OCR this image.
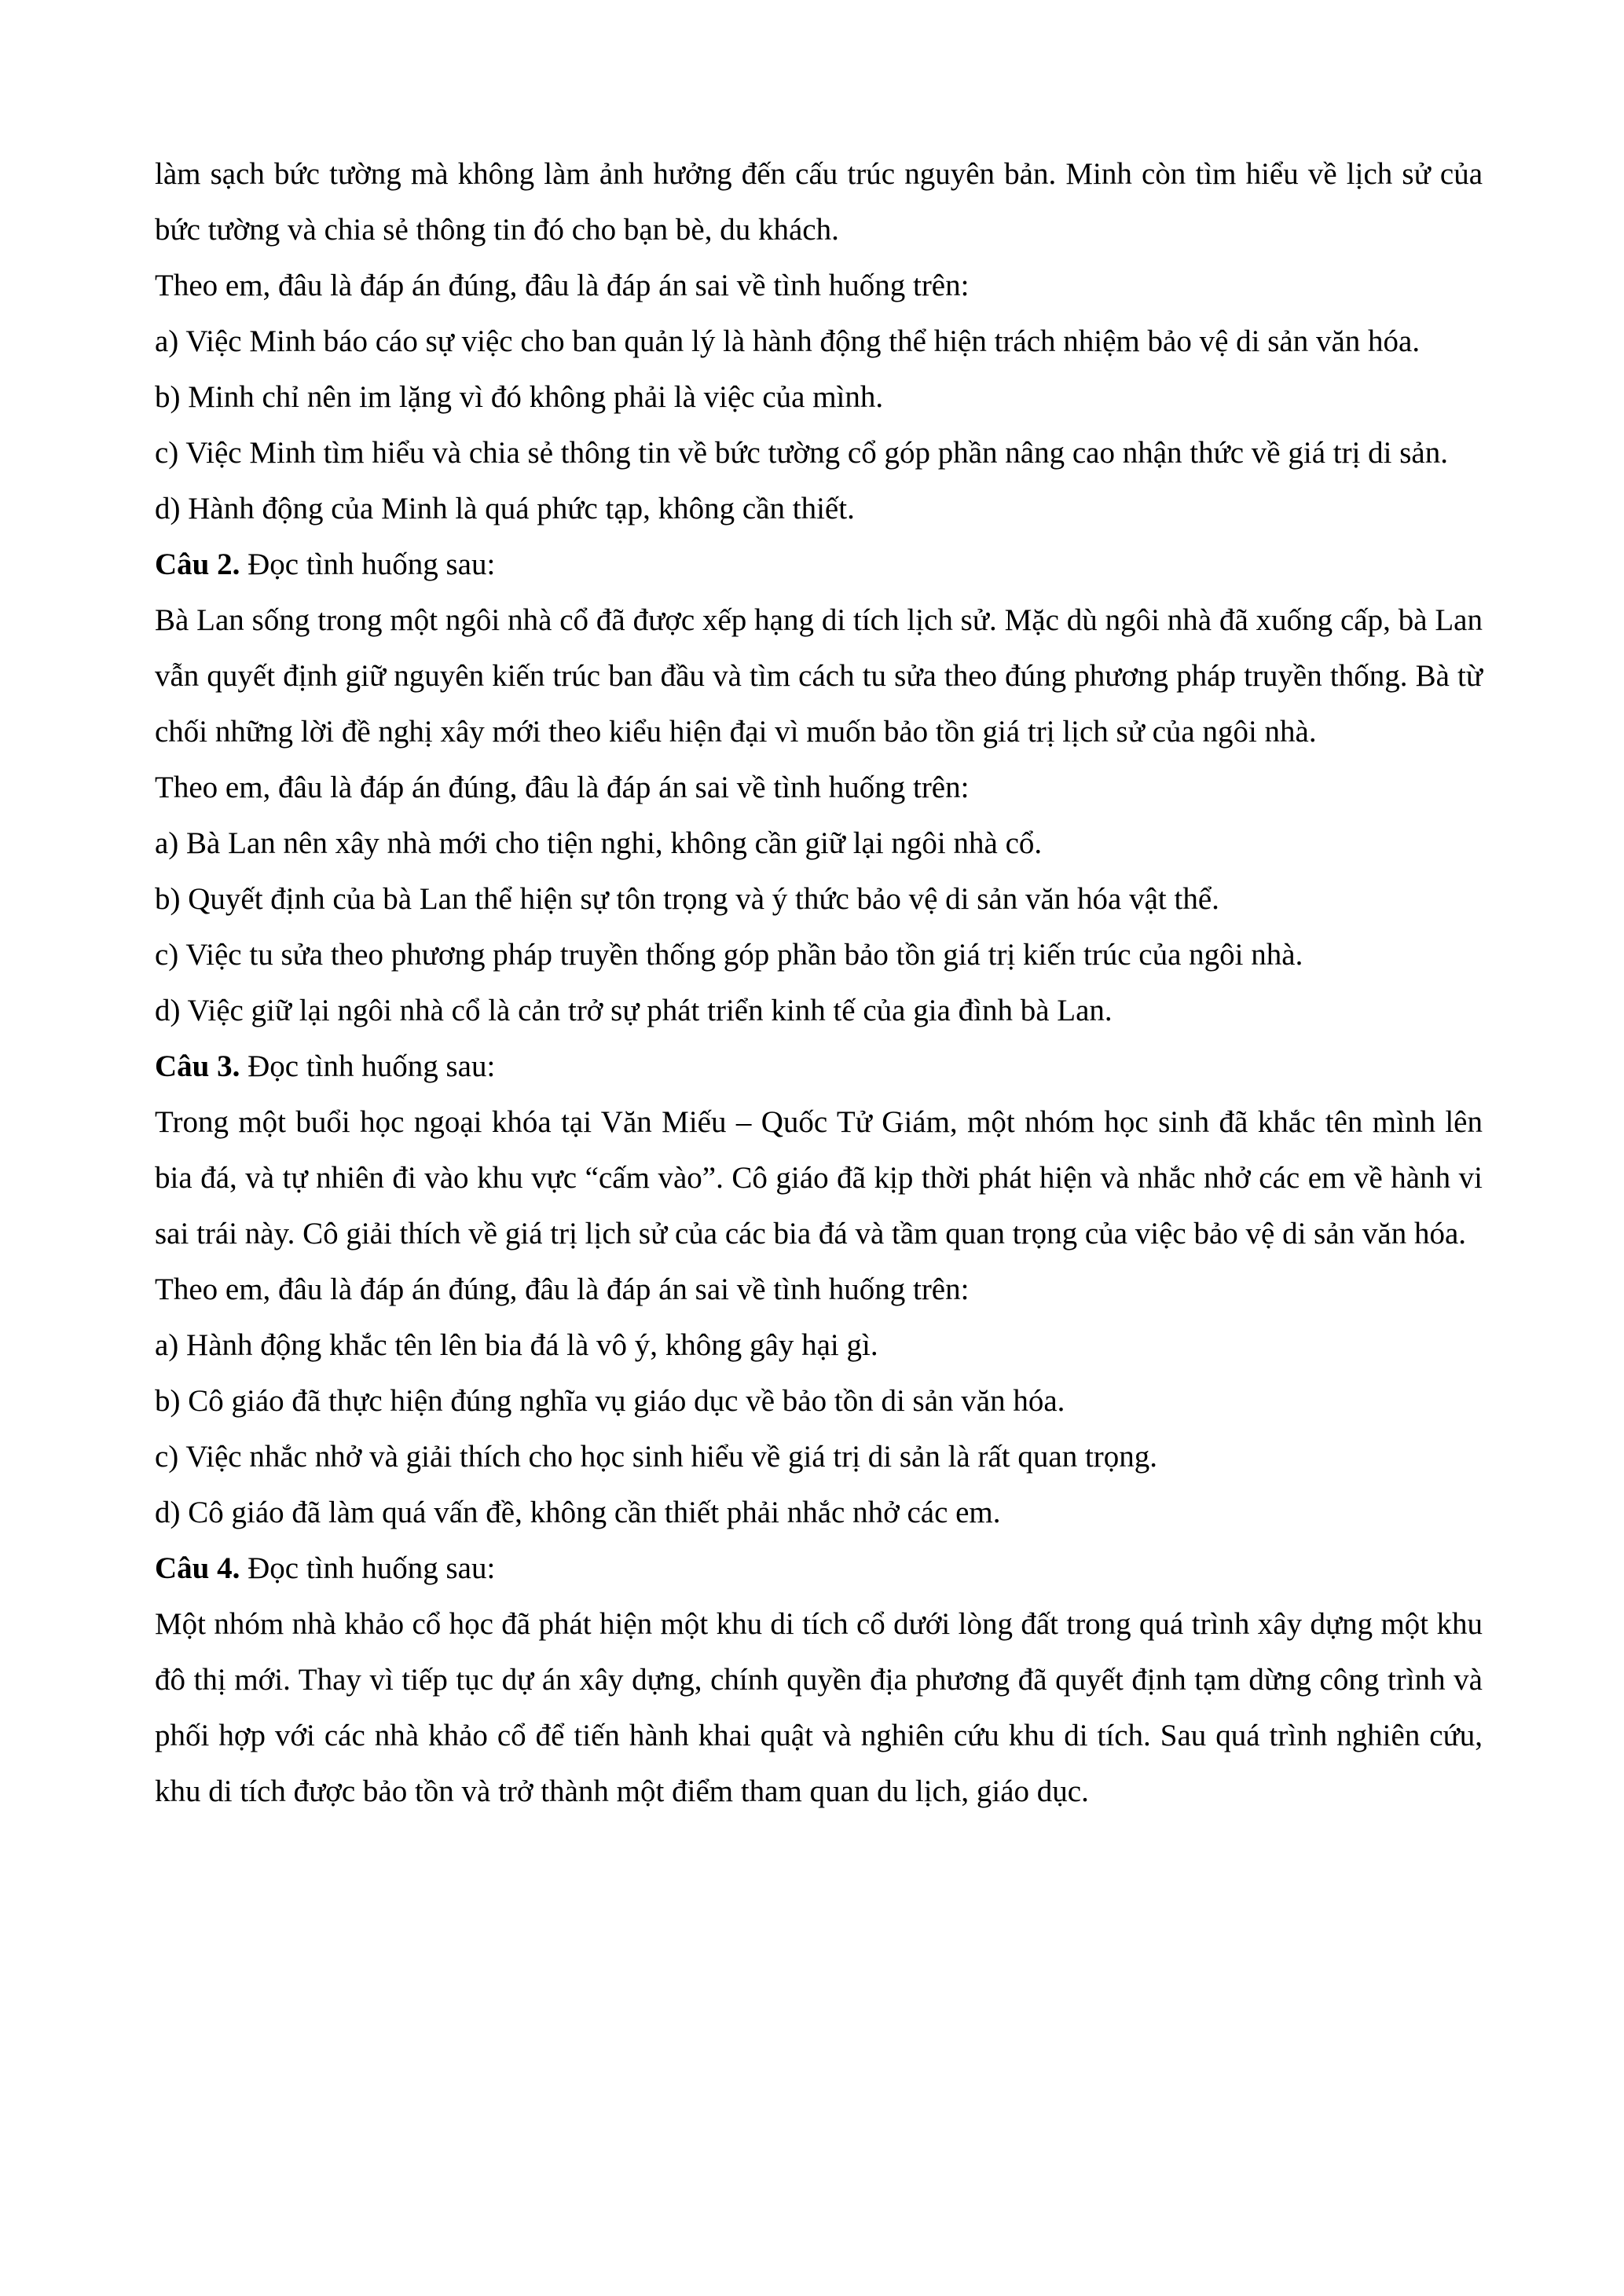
làm sạch bức tường mà không làm ảnh hưởng đến cấu trúc nguyên bản. Minh còn tìm hiểu về lịch sử của bức tường và chia sẻ thông tin đó cho bạn bè, du khách.

Theo em, đâu là đáp án đúng, đâu là đáp án sai về tình huống trên:

a) Việc Minh báo cáo sự việc cho ban quản lý là hành động thể hiện trách nhiệm bảo vệ di sản văn hóa.

b) Minh chỉ nên im lặng vì đó không phải là việc của mình.

c) Việc Minh tìm hiểu và chia sẻ thông tin về bức tường cổ góp phần nâng cao nhận thức về giá trị di sản.

d) Hành động của Minh là quá phức tạp, không cần thiết.

Câu 2. Đọc tình huống sau:

Bà Lan sống trong một ngôi nhà cổ đã được xếp hạng di tích lịch sử. Mặc dù ngôi nhà đã xuống cấp, bà Lan vẫn quyết định giữ nguyên kiến trúc ban đầu và tìm cách tu sửa theo đúng phương pháp truyền thống. Bà từ chối những lời đề nghị xây mới theo kiểu hiện đại vì muốn bảo tồn giá trị lịch sử của ngôi nhà.

Theo em, đâu là đáp án đúng, đâu là đáp án sai về tình huống trên:

a) Bà Lan nên xây nhà mới cho tiện nghi, không cần giữ lại ngôi nhà cổ.

b) Quyết định của bà Lan thể hiện sự tôn trọng và ý thức bảo vệ di sản văn hóa vật thể.

c) Việc tu sửa theo phương pháp truyền thống góp phần bảo tồn giá trị kiến trúc của ngôi nhà.

d) Việc giữ lại ngôi nhà cổ là cản trở sự phát triển kinh tế của gia đình bà Lan.

Câu 3. Đọc tình huống sau:

Trong một buổi học ngoại khóa tại Văn Miếu – Quốc Tử Giám, một nhóm học sinh đã khắc tên mình lên bia đá, và tự nhiên đi vào khu vực “cấm vào”. Cô giáo đã kịp thời phát hiện và nhắc nhở các em về hành vi sai trái này. Cô giải thích về giá trị lịch sử của các bia đá và tầm quan trọng của việc bảo vệ di sản văn hóa.

Theo em, đâu là đáp án đúng, đâu là đáp án sai về tình huống trên:

a) Hành động khắc tên lên bia đá là vô ý, không gây hại gì.

b) Cô giáo đã thực hiện đúng nghĩa vụ giáo dục về bảo tồn di sản văn hóa.

c) Việc nhắc nhở và giải thích cho học sinh hiểu về giá trị di sản là rất quan trọng.

d) Cô giáo đã làm quá vấn đề, không cần thiết phải nhắc nhở các em.

Câu 4. Đọc tình huống sau:

Một nhóm nhà khảo cổ học đã phát hiện một khu di tích cổ dưới lòng đất trong quá trình xây dựng một khu đô thị mới. Thay vì tiếp tục dự án xây dựng, chính quyền địa phương đã quyết định tạm dừng công trình và phối hợp với các nhà khảo cổ để tiến hành khai quật và nghiên cứu khu di tích. Sau quá trình nghiên cứu, khu di tích được bảo tồn và trở thành một điểm tham quan du lịch, giáo dục.
